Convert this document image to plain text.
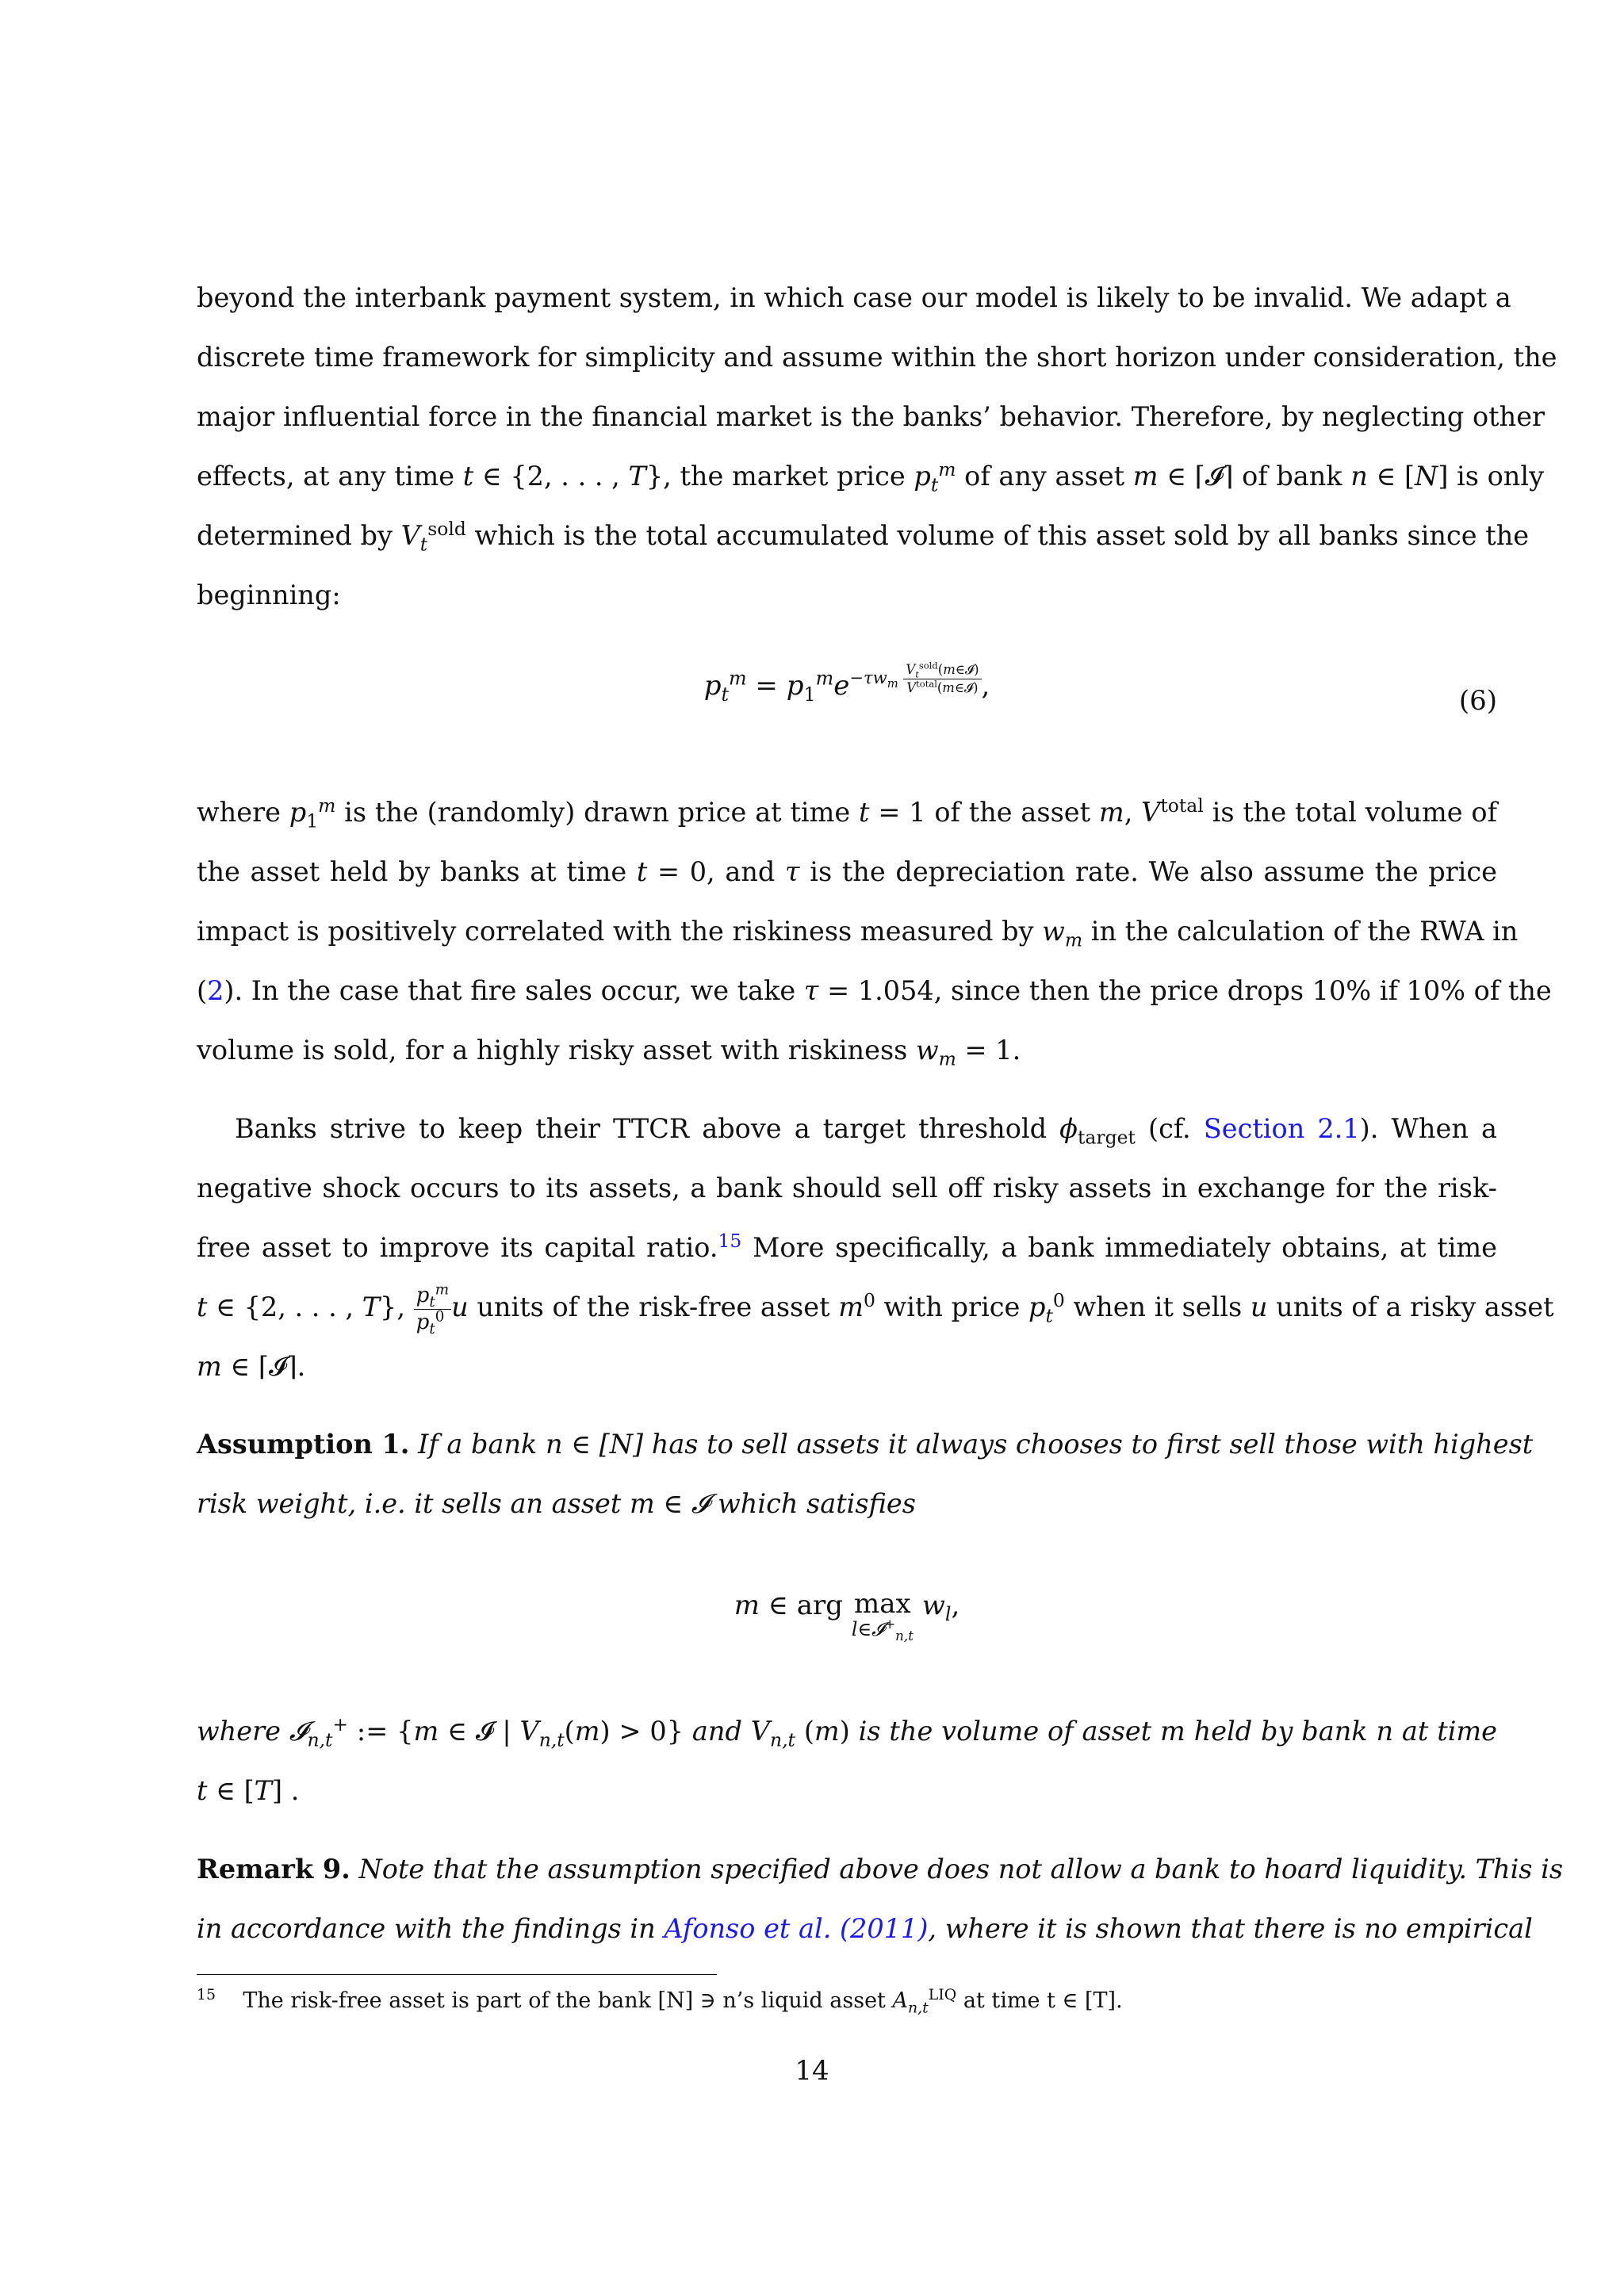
beyond the interbank payment system, in which case our model is likely to be invalid. We adapt a
discrete time framework for simplicity and assume within the short horizon under consideration, the
major influential force in the financial market is the banks’ behavior. Therefore, by neglecting other
effects, at any time t ∈ {2, . . . , T}, the market price $p_t^m$ of any asset m ∈ ⌈𝓘⌉ of bank n ∈ [N] is only
determined by $V_t^{sold}$ which is the total accumulated volume of this asset sold by all banks since the
beginning:
$p_t^m = p_1^me^{-\tau w_m \frac{V_t^{sold}(m\in 𝓘)}{V^{total}(m\in 𝓘)}}$ ,	(6)
where $p_1^m$ is the (randomly) drawn price at time t = 1 of the asset m, $V^{total}$ is the total volume of
the asset held by banks at time t = 0, and τ is the depreciation rate. We also assume the price
impact is positively correlated with the riskiness measured by $w_m$ in the calculation of the RWA in
(2). In the case that fire sales occur, we take τ = 1.054, since then the price drops 10% if 10% of the
volume is sold, for a highly risky asset with riskiness $w_m = 1$.
Banks strive to keep their TTCR above a target threshold $\phi_{target}$ (cf. Section 2.1). When a
negative shock occurs to its assets, a bank should sell off risky assets in exchange for the risk-
free asset to improve its capital ratio.$^{15}$ More specifically, a bank immediately obtains, at time
t ∈ {2, . . . , T}, $\frac{p_t^m}{p_t^0}$ u units of the risk-free asset $m^0$ with price $p_t^0$ when it sells u units of a risky asset
m ∈ ⌈𝓘⌉.
Assumption 1. If a bank n ∈ [N] has to sell assets it always chooses to first sell those with highest
risk weight, i.e. it sells an asset m ∈ 𝓘 which satisfies
m ∈ arg max
l∈𝓘+$_{n,t}$
$w_l$,
where 𝓘$_{n,t}$+ := {m ∈ 𝓘 | $V_{n,t}(m) > 0$} and $V_{n,t}$ (m) is the volume of asset m held by bank n at time
t ∈ [T] .
Remark 9. Note that the assumption specified above does not allow a bank to hoard liquidity. This is
in accordance with the findings in Afonso et al. (2011), where it is shown that there is no empirical
$^{15}$ The risk-free asset is part of the bank [N] ∋ n’s liquid asset $A_{n,t}^{LIQ}$ at time t ∈ [T].
14
